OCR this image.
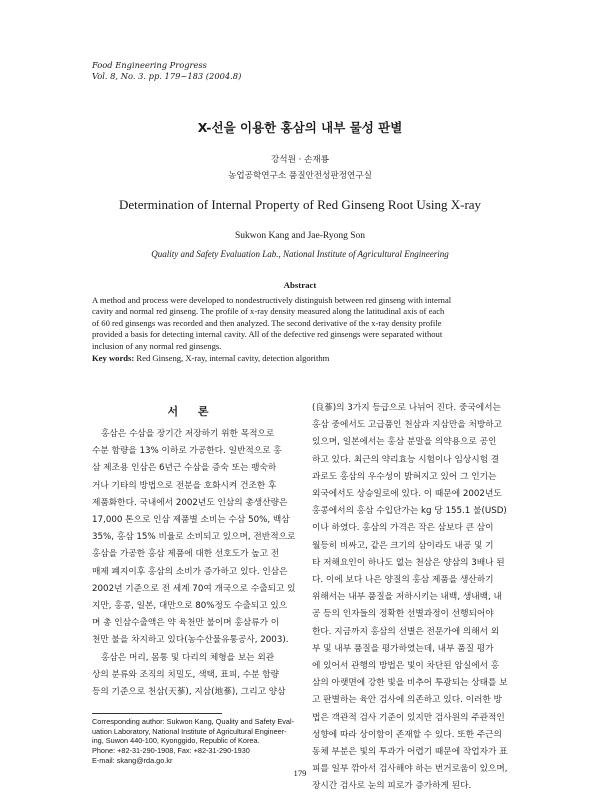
Food Engineering Progress
Vol. 8, No. 3. pp. 179~183 (2004.8)
X-선을 이용한 홍삼의 내부 물성 판별
강석원 · 손재룡
농업공학연구소 품질안전성판정연구실
Determination of Internal Property of Red Ginseng Root Using X-ray
Sukwon Kang and Jae-Ryong Son
Quality and Safety Evaluation Lab., National Institute of Agricultural Engineering
Abstract
A method and process were developed to nondestructively distinguish between red ginseng with internal
cavity and normal red ginseng. The profile of x-ray density measured along the latitudinal axis of each
of 60 red ginsengs was recorded and then analyzed. The second derivative of the x-ray density profile
provided a basis for detecting internal cavity. All of the defective red ginsengs were separated without
inclusion of any normal red ginsengs.
Key words: Red Ginseng, X-ray, internal cavity, detection algorithm
서 론
홍삼은 수삼을 장기간 저장하기 위한 목적으로
수분 함량을 13% 이하로 가공한다. 일반적으로 홍
삼 제조용 인삼은 6년근 수삼을 증숙 또는 팽숙하
거나 기타의 방법으로 전분을 호화시켜 건조한 후
제품화한다. 국내에서 2002년도 인삼의 총생산량은
17,000 톤으로 인삼 제품별 소비는 수삼 50%, 백삼
35%, 홍삼 15% 비율로 소비되고 있으며, 전반적으로
홍삼을 가공한 홍삼 제품에 대한 선호도가 높고 전
매제 폐지이후 홍삼의 소비가 증가하고 있다. 인삼은
2002년 기준으로 전 세계 70여 개국으로 수출되고 있
지만, 홍콩, 일본, 대만으로 80%정도 수출되고 있으
며 총 인삼수출액은 약 육천만 불이며 홍삼류가 이
천만 불을 차지하고 있다(농수산물유통공사, 2003).
홍삼은 머리, 몸통 및 다리의 체형을 보는 외관
상의 분류와 조직의 치밀도, 색택, 표피, 수분 함량
등의 기준으로 천삼(天蔘), 지삼(地蔘), 그리고 양삼
(良蔘)의 3가지 등급으로 나뉘어 진다. 중국에서는
홍삼 중에서도 고급품인 천삼과 지삼만을 처방하고
있으며, 일본에서는 홍삼 분말을 의약용으로 공인
하고 있다. 최근의 약리효능 시험이나 임상시험 결
과로도 홍삼의 우수성이 밝혀지고 있어 그 인기는
외국에서도 상승일로에 있다. 이 때문에 2002년도
홍콩에서의 홍삼 수입단가는 kg 당 155.1 불(USD)
이나 하였다. 홍삼의 가격은 작은 삼보다 큰 삼이
월등히 비싸고, 같은 크기의 삼이라도 내공 및 기
타 저해요인이 하나도 없는 천삼은 양삼의 3배나 된
다. 이에 보다 나은 양질의 홍삼 제품을 생산하기
위해서는 내부 품질을 저하시키는 내백, 생내백, 내
공 등의 인자들의 정확한 선별과정이 선행되어야
한다. 지금까지 홍삼의 선별은 전문가에 의해서 외
부 및 내부 품질을 평가하였는데, 내부 품질 평가
에 있어서 관행의 방법은 빛이 차단된 암실에서 홍
삼의 아랫면에 강한 빛을 비추어 투광되는 상태를 보
고 판별하는 육안 검사에 의존하고 있다. 이러한 방
법은 객관적 검사 기준이 있지만 검사원의 주관적인
성향에 따라 상이함이 존재할 수 있다. 또한 주근의
동체 부분은 빛의 투과가 어렵기 때문에 작업자가 표
피를 일부 깎아서 검사해야 하는 번거로움이 있으며,
장시간 검사로 눈의 피로가 증가하게 된다.
Corresponding author: Sukwon Kang, Quality and Safety Eval-
uation Laboratory, National Institute of Agricultural Engineer-
ing, Suwon 440-100, Kyonggido, Republic of Korea.
Phone: +82-31-290-1908, Fax: +82-31-290-1930
E-mail: skang@rda.go.kr
179
